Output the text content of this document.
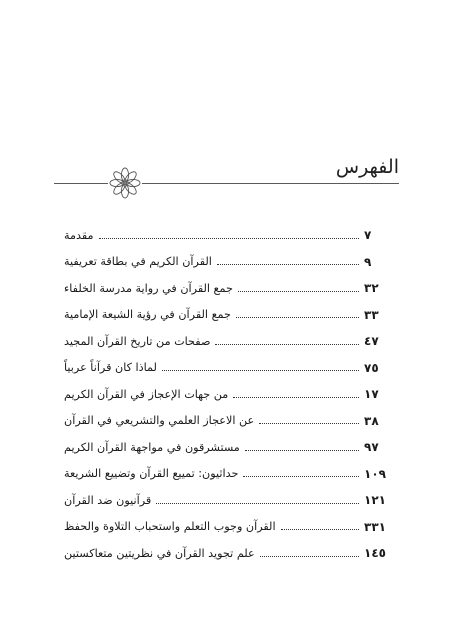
الفهرس
مقدمة	٧
القرآن الكريم في بطاقة تعريفية	٩
جمع القرآن في رواية مدرسة الخلفاء	٣٢
جمع القرآن في رؤية الشيعة الإمامية	٣٣
صفحات من تاريخ القرآن المجيد	٤٧
لماذا كان قرآناً عربياً	٧٥
من جهات الإعجاز في القرآن الكريم	١٧
عن الاعجاز العلمي والتشريعي في القرآن	٣٨
مستشرقون في مواجهة القرآن الكريم	٩٧
حداثيون: تمييع القرآن وتضييع الشريعة	١٠٩
قرآنيون ضد القرآن	١٢١
القرآن وجوب التعلم واستحباب التلاوة والحفظ	٣٣١
علم تجويد القرآن في نظريتين متعاكستين	١٤٥
